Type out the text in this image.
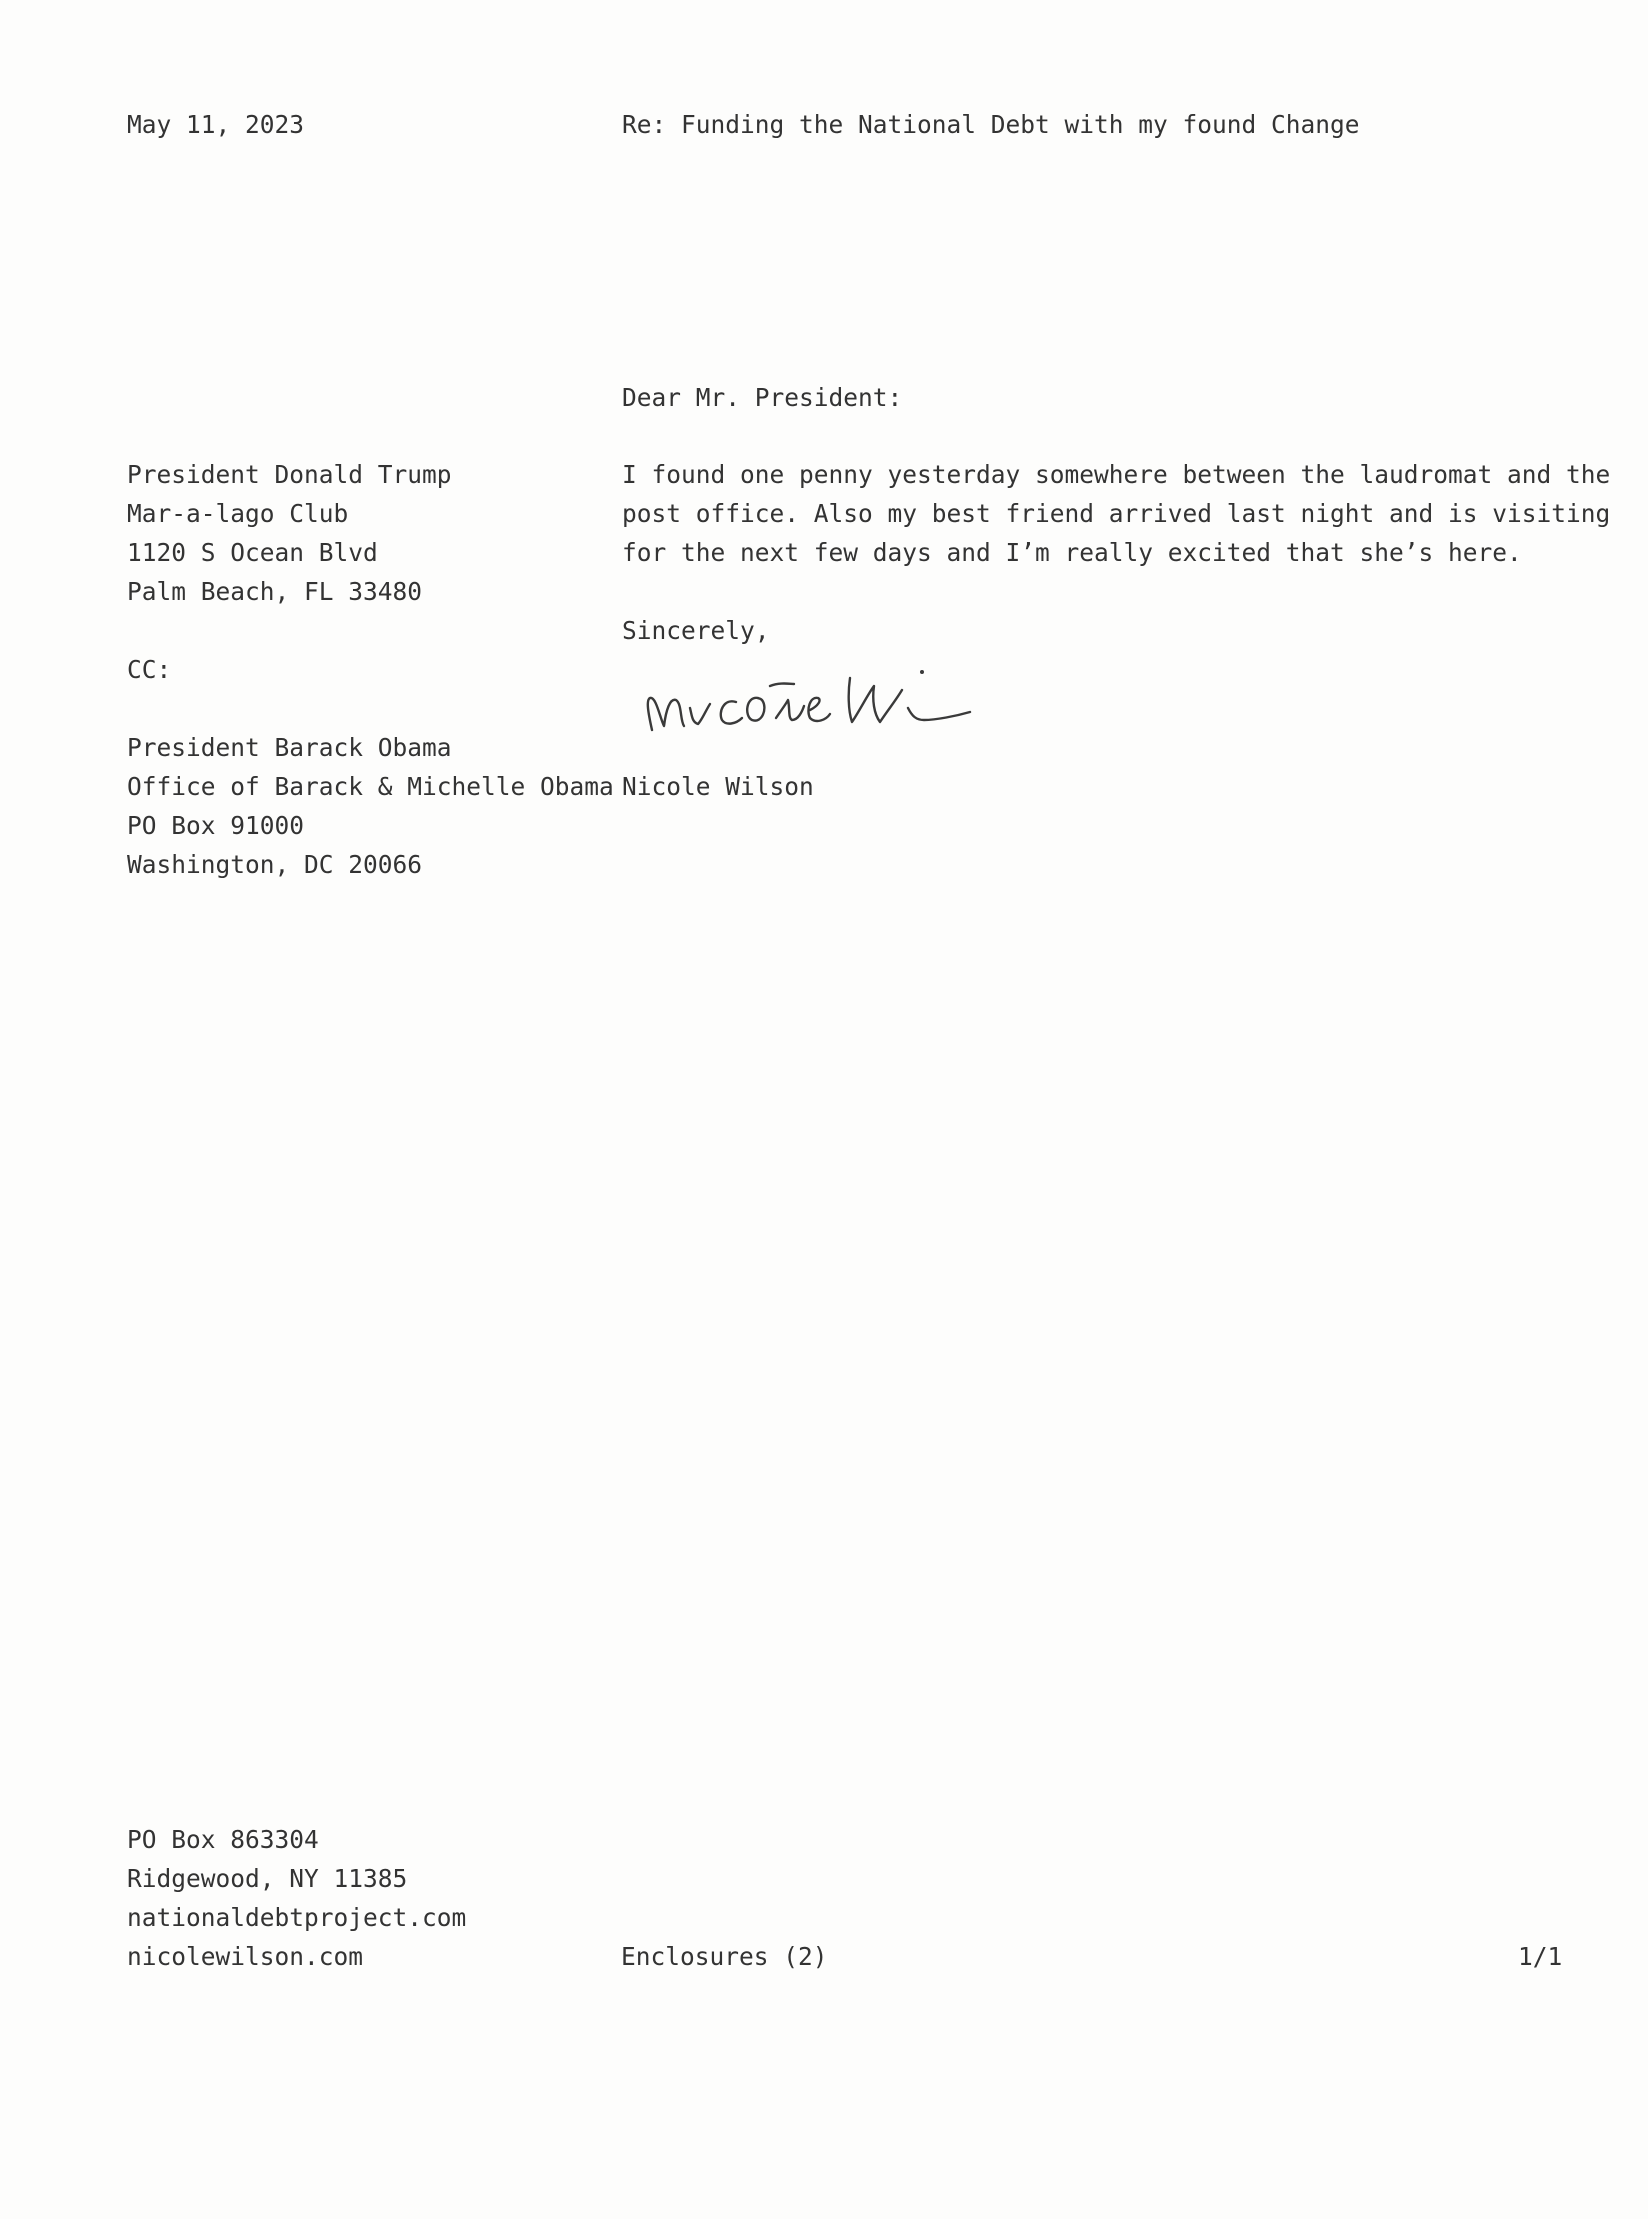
May 11, 2023	Re: Funding the National Debt with my found Change
Dear Mr. President:
President Donald Trump
Mar-a-lago Club
1120 S Ocean Blvd
Palm Beach, FL 33480
I found one penny yesterday somewhere between the laudromat and the
post office. Also my best friend arrived last night and is visiting
for the next few days and I’m really excited that she’s here.
Sincerely,
CC:
President Barack Obama
Office of Barack & Michelle Obama
PO Box 91000
Washington, DC 20066
Nicole Wilson
PO Box 863304
Ridgewood, NY 11385
nationaldebtproject.com
nicolewilson.com	Enclosures (2)	1/1
